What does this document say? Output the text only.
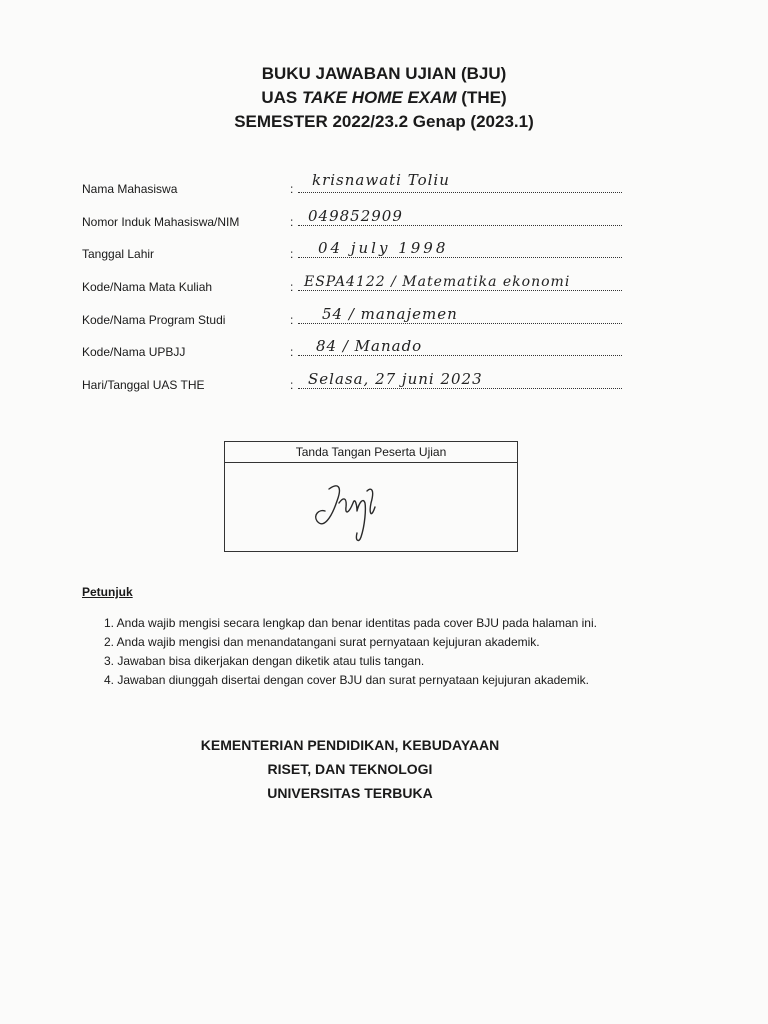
BUKU JAWABAN UJIAN (BJU)
UAS TAKE HOME EXAM (THE)
SEMESTER 2022/23.2 Genap (2023.1)
Nama Mahasiswa	: krisnawati Toliu
Nomor Induk Mahasiswa/NIM	: 049852909
Tanggal Lahir	: 04 july 1998
Kode/Nama Mata Kuliah	: ESPA4122 / Matematika ekonomi
Kode/Nama Program Studi	: 54 / manajemen
Kode/Nama UPBJJ	: 84 / Manado
Hari/Tanggal UAS THE	: Selasa, 27 juni 2023
Tanda Tangan Peserta Ujian
Petunjuk
1. Anda wajib mengisi secara lengkap dan benar identitas pada cover BJU pada halaman ini.
2. Anda wajib mengisi dan menandatangani surat pernyataan kejujuran akademik.
3. Jawaban bisa dikerjakan dengan diketik atau tulis tangan.
4. Jawaban diunggah disertai dengan cover BJU dan surat pernyataan kejujuran akademik.
KEMENTERIAN PENDIDIKAN, KEBUDAYAAN
RISET, DAN TEKNOLOGI
UNIVERSITAS TERBUKA
